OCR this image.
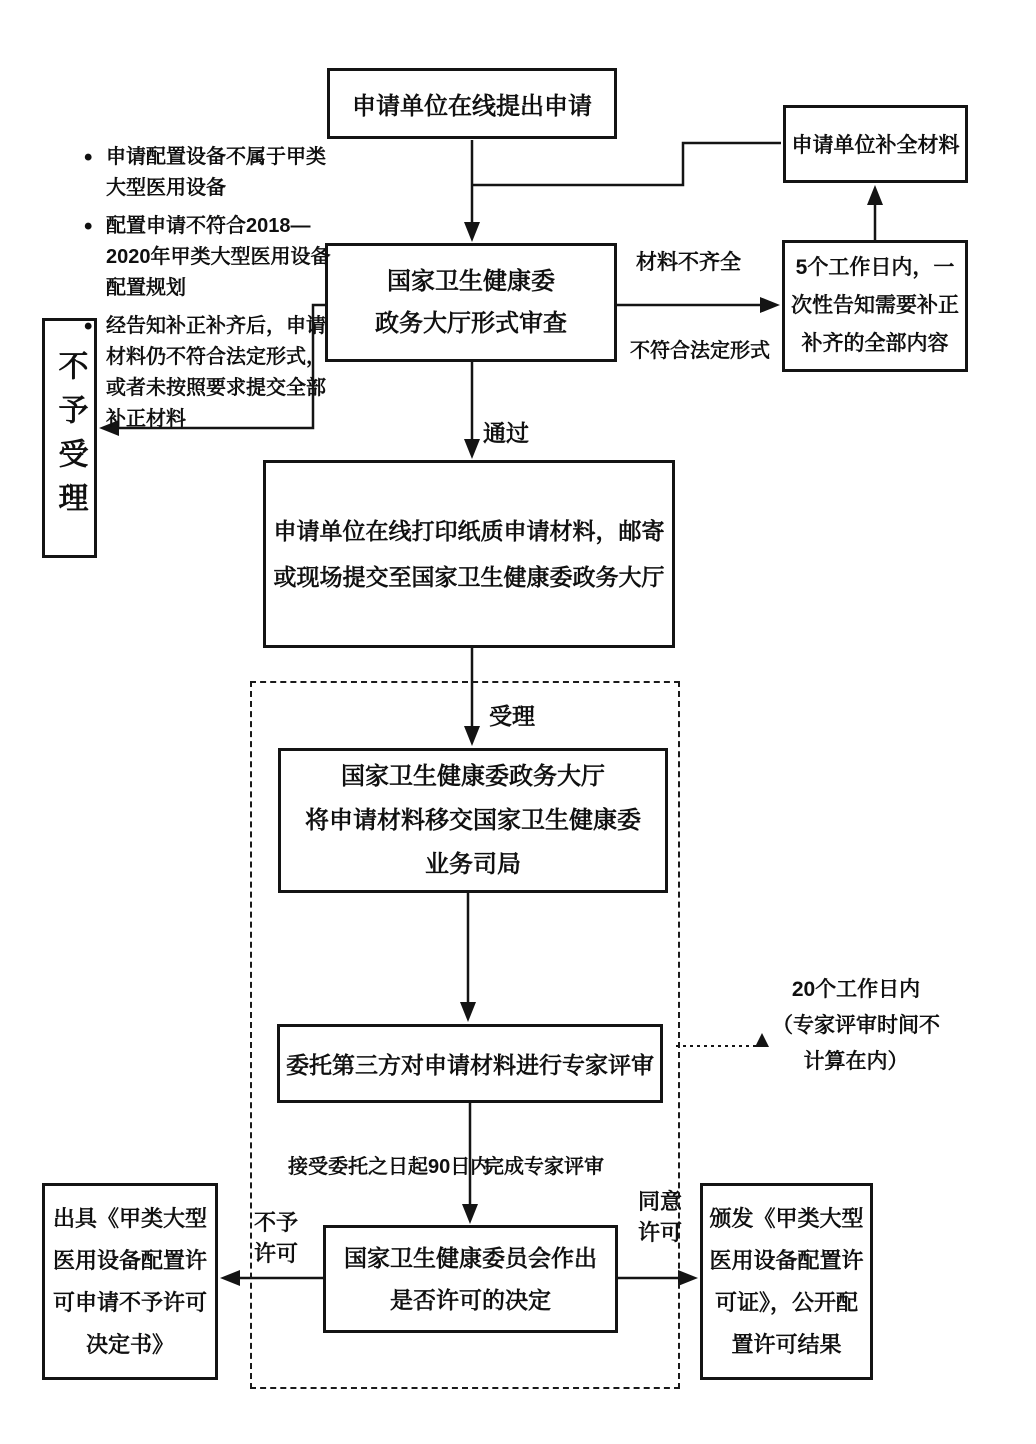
申请单位在线提出申请
国家卫生健康委
政务大厅形式审查
申请单位补全材料
5个工作日内，一
次性告知需要补正
补齐的全部内容
不予受理
申请单位在线打印纸质申请材料，邮寄
或现场提交至国家卫生健康委政务大厅
国家卫生健康委政务大厅
将申请材料移交国家卫生健康委
业务司局
委托第三方对申请材料进行专家评审
国家卫生健康委员会作出
是否许可的决定
出具《甲类大型
医用设备配置许
可申请不予许可
决定书》
颁发《甲类大型
医用设备配置许
可证》，公开配
置许可结果
• 申请配置设备不属于甲类
大型医用设备
• 配置申请不符合2018—
2020年甲类大型医用设备
配置规划
• 经告知补正补齐后，申请
材料仍不符合法定形式，
或者未按照要求提交全部
补正材料
通过
材料不齐全
不符合法定形式
受理
20个工作日内
（专家评审时间不
计算在内）
接受委托之日起90日内
完成专家评审
不予
许可
同意
许可
